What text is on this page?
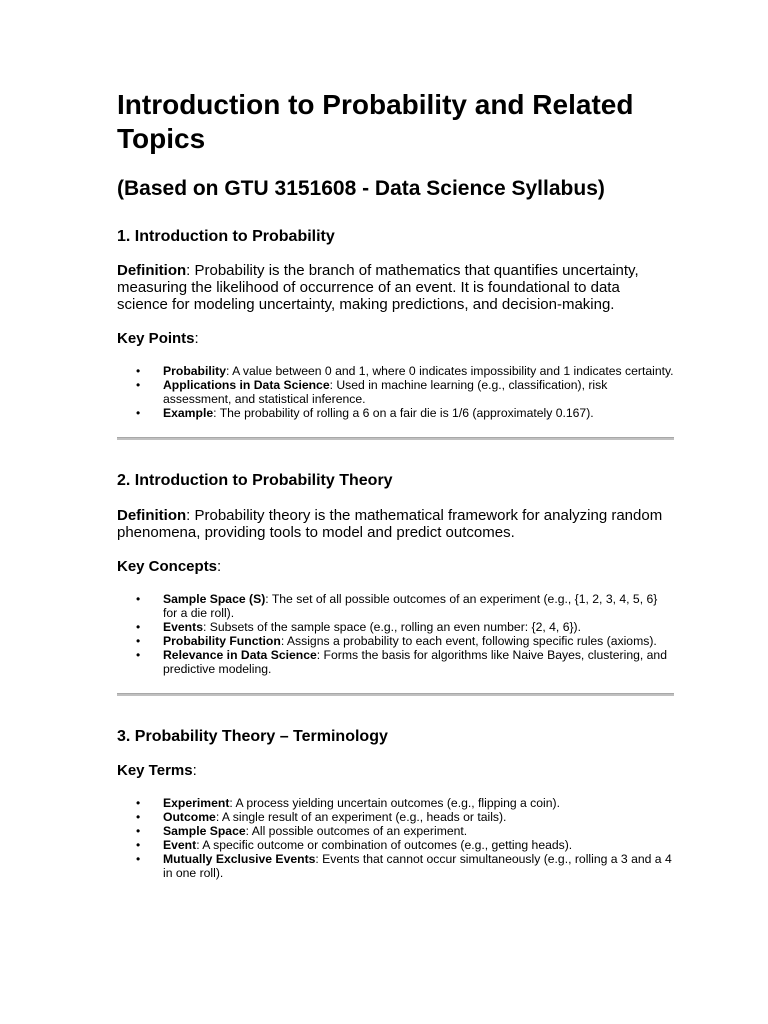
Introduction to Probability and Related Topics
(Based on GTU 3151608 - Data Science Syllabus)
1. Introduction to Probability

Definition: Probability is the branch of mathematics that quantifies uncertainty, measuring the likelihood of occurrence of an event. It is foundational to data science for modeling uncertainty, making predictions, and decision-making.

Key Points:

• Probability: A value between 0 and 1, where 0 indicates impossibility and 1 indicates certainty.
• Applications in Data Science: Used in machine learning (e.g., classification), risk assessment, and statistical inference.
• Example: The probability of rolling a 6 on a fair die is 1/6 (approximately 0.167).
2. Introduction to Probability Theory

Definition: Probability theory is the mathematical framework for analyzing random phenomena, providing tools to model and predict outcomes.

Key Concepts:

• Sample Space (S): The set of all possible outcomes of an experiment (e.g., {1, 2, 3, 4, 5, 6} for a die roll).
• Events: Subsets of the sample space (e.g., rolling an even number: {2, 4, 6}).
• Probability Function: Assigns a probability to each event, following specific rules (axioms).
• Relevance in Data Science: Forms the basis for algorithms like Naive Bayes, clustering, and predictive modeling.
3. Probability Theory – Terminology

Key Terms:

• Experiment: A process yielding uncertain outcomes (e.g., flipping a coin).
• Outcome: A single result of an experiment (e.g., heads or tails).
• Sample Space: All possible outcomes of an experiment.
• Event: A specific outcome or combination of outcomes (e.g., getting heads).
• Mutually Exclusive Events: Events that cannot occur simultaneously (e.g., rolling a 3 and a 4 in one roll).
